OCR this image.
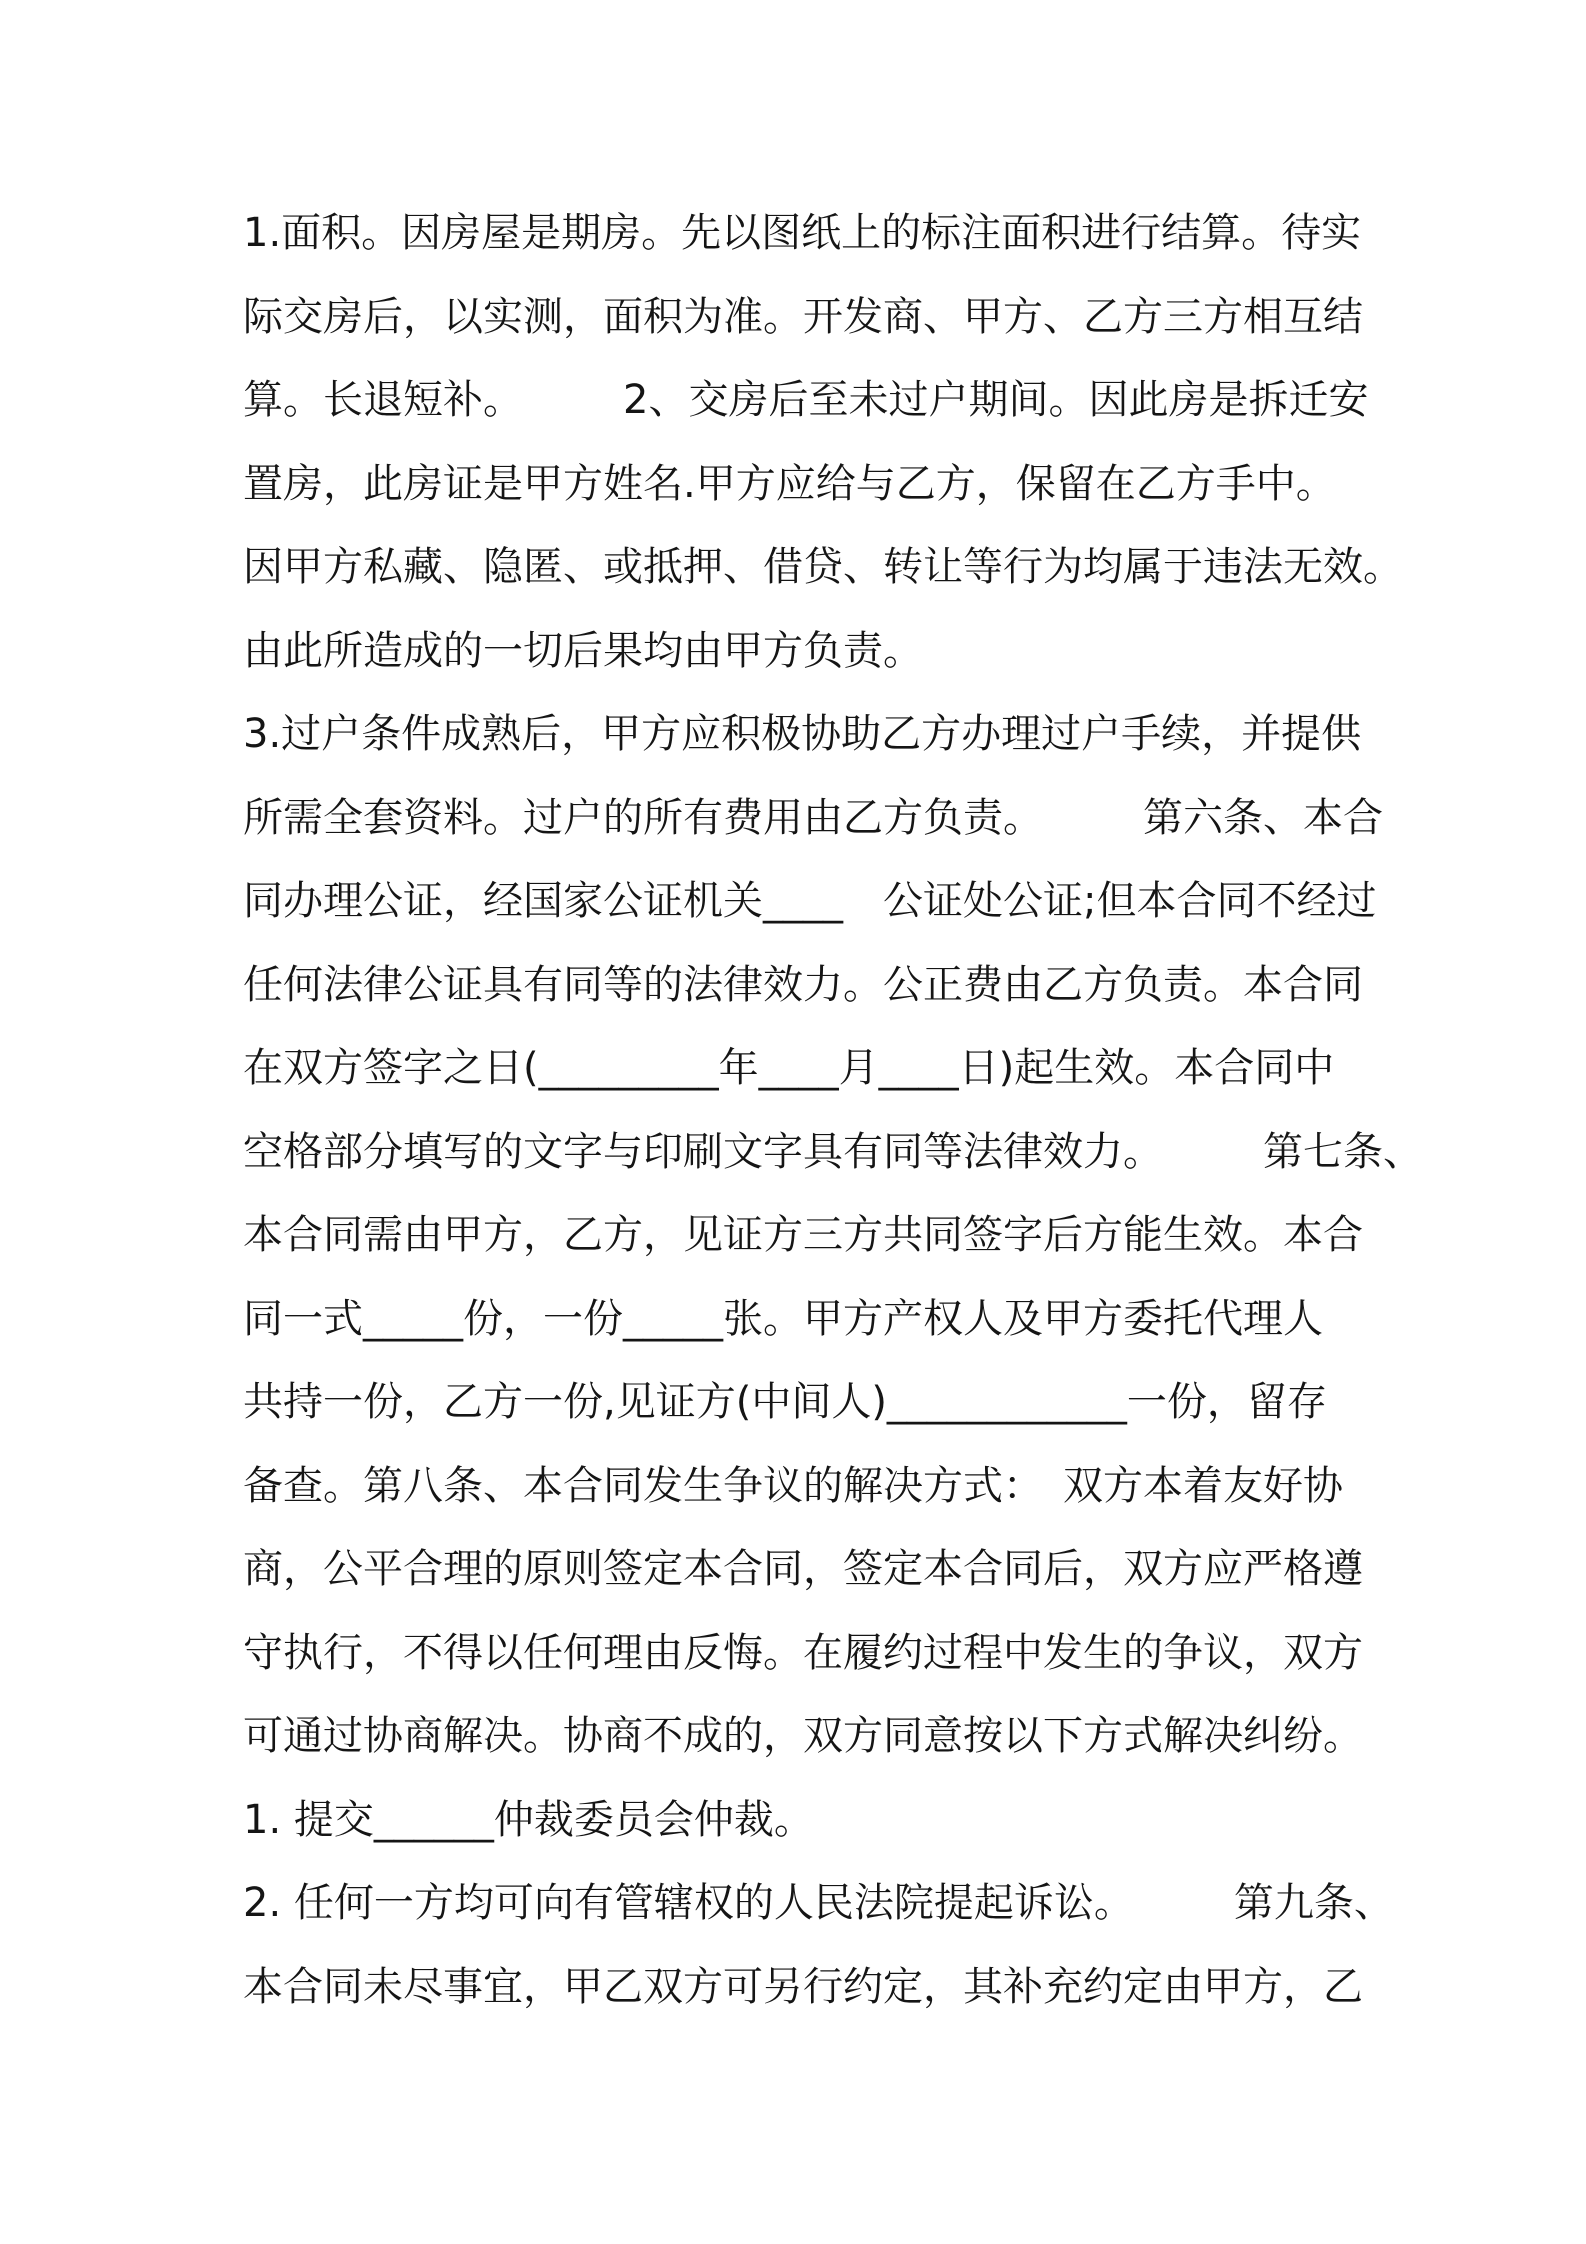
1.面积。因房屋是期房。先以图纸上的标注面积进行结算。待实
际交房后，以实测，面积为准。开发商、甲方、乙方三方相互结
算。长退短补。　　　2、交房后至未过户期间。因此房是拆迁安
置房，此房证是甲方姓名.甲方应给与乙方，保留在乙方手中。
因甲方私藏、隐匿、或抵押、借贷、转让等行为均属于违法无效。
由此所造成的一切后果均由甲方负责。
3.过户条件成熟后，甲方应积极协助乙方办理过户手续，并提供
所需全套资料。过户的所有费用由乙方负责。　　　第六条、本合
同办理公证，经国家公证机关____　公证处公证;但本合同不经过
任何法律公证具有同等的法律效力。公正费由乙方负责。本合同
在双方签字之日(_________年____月____日)起生效。本合同中
空格部分填写的文字与印刷文字具有同等法律效力。　　　第七条、
本合同需由甲方，乙方，见证方三方共同签字后方能生效。本合
同一式_____份，一份_____张。甲方产权人及甲方委托代理人
共持一份，乙方一份,见证方(中间人)____________一份，留存
备查。第八条、本合同发生争议的解决方式：　双方本着友好协
商，公平合理的原则签定本合同，签定本合同后，双方应严格遵
守执行，不得以任何理由反悔。在履约过程中发生的争议，双方
可通过协商解决。协商不成的，双方同意按以下方式解决纠纷。
1. 提交______仲裁委员会仲裁。
2. 任何一方均可向有管辖权的人民法院提起诉讼。　　　第九条、
本合同未尽事宜，甲乙双方可另行约定，其补充约定由甲方，乙
